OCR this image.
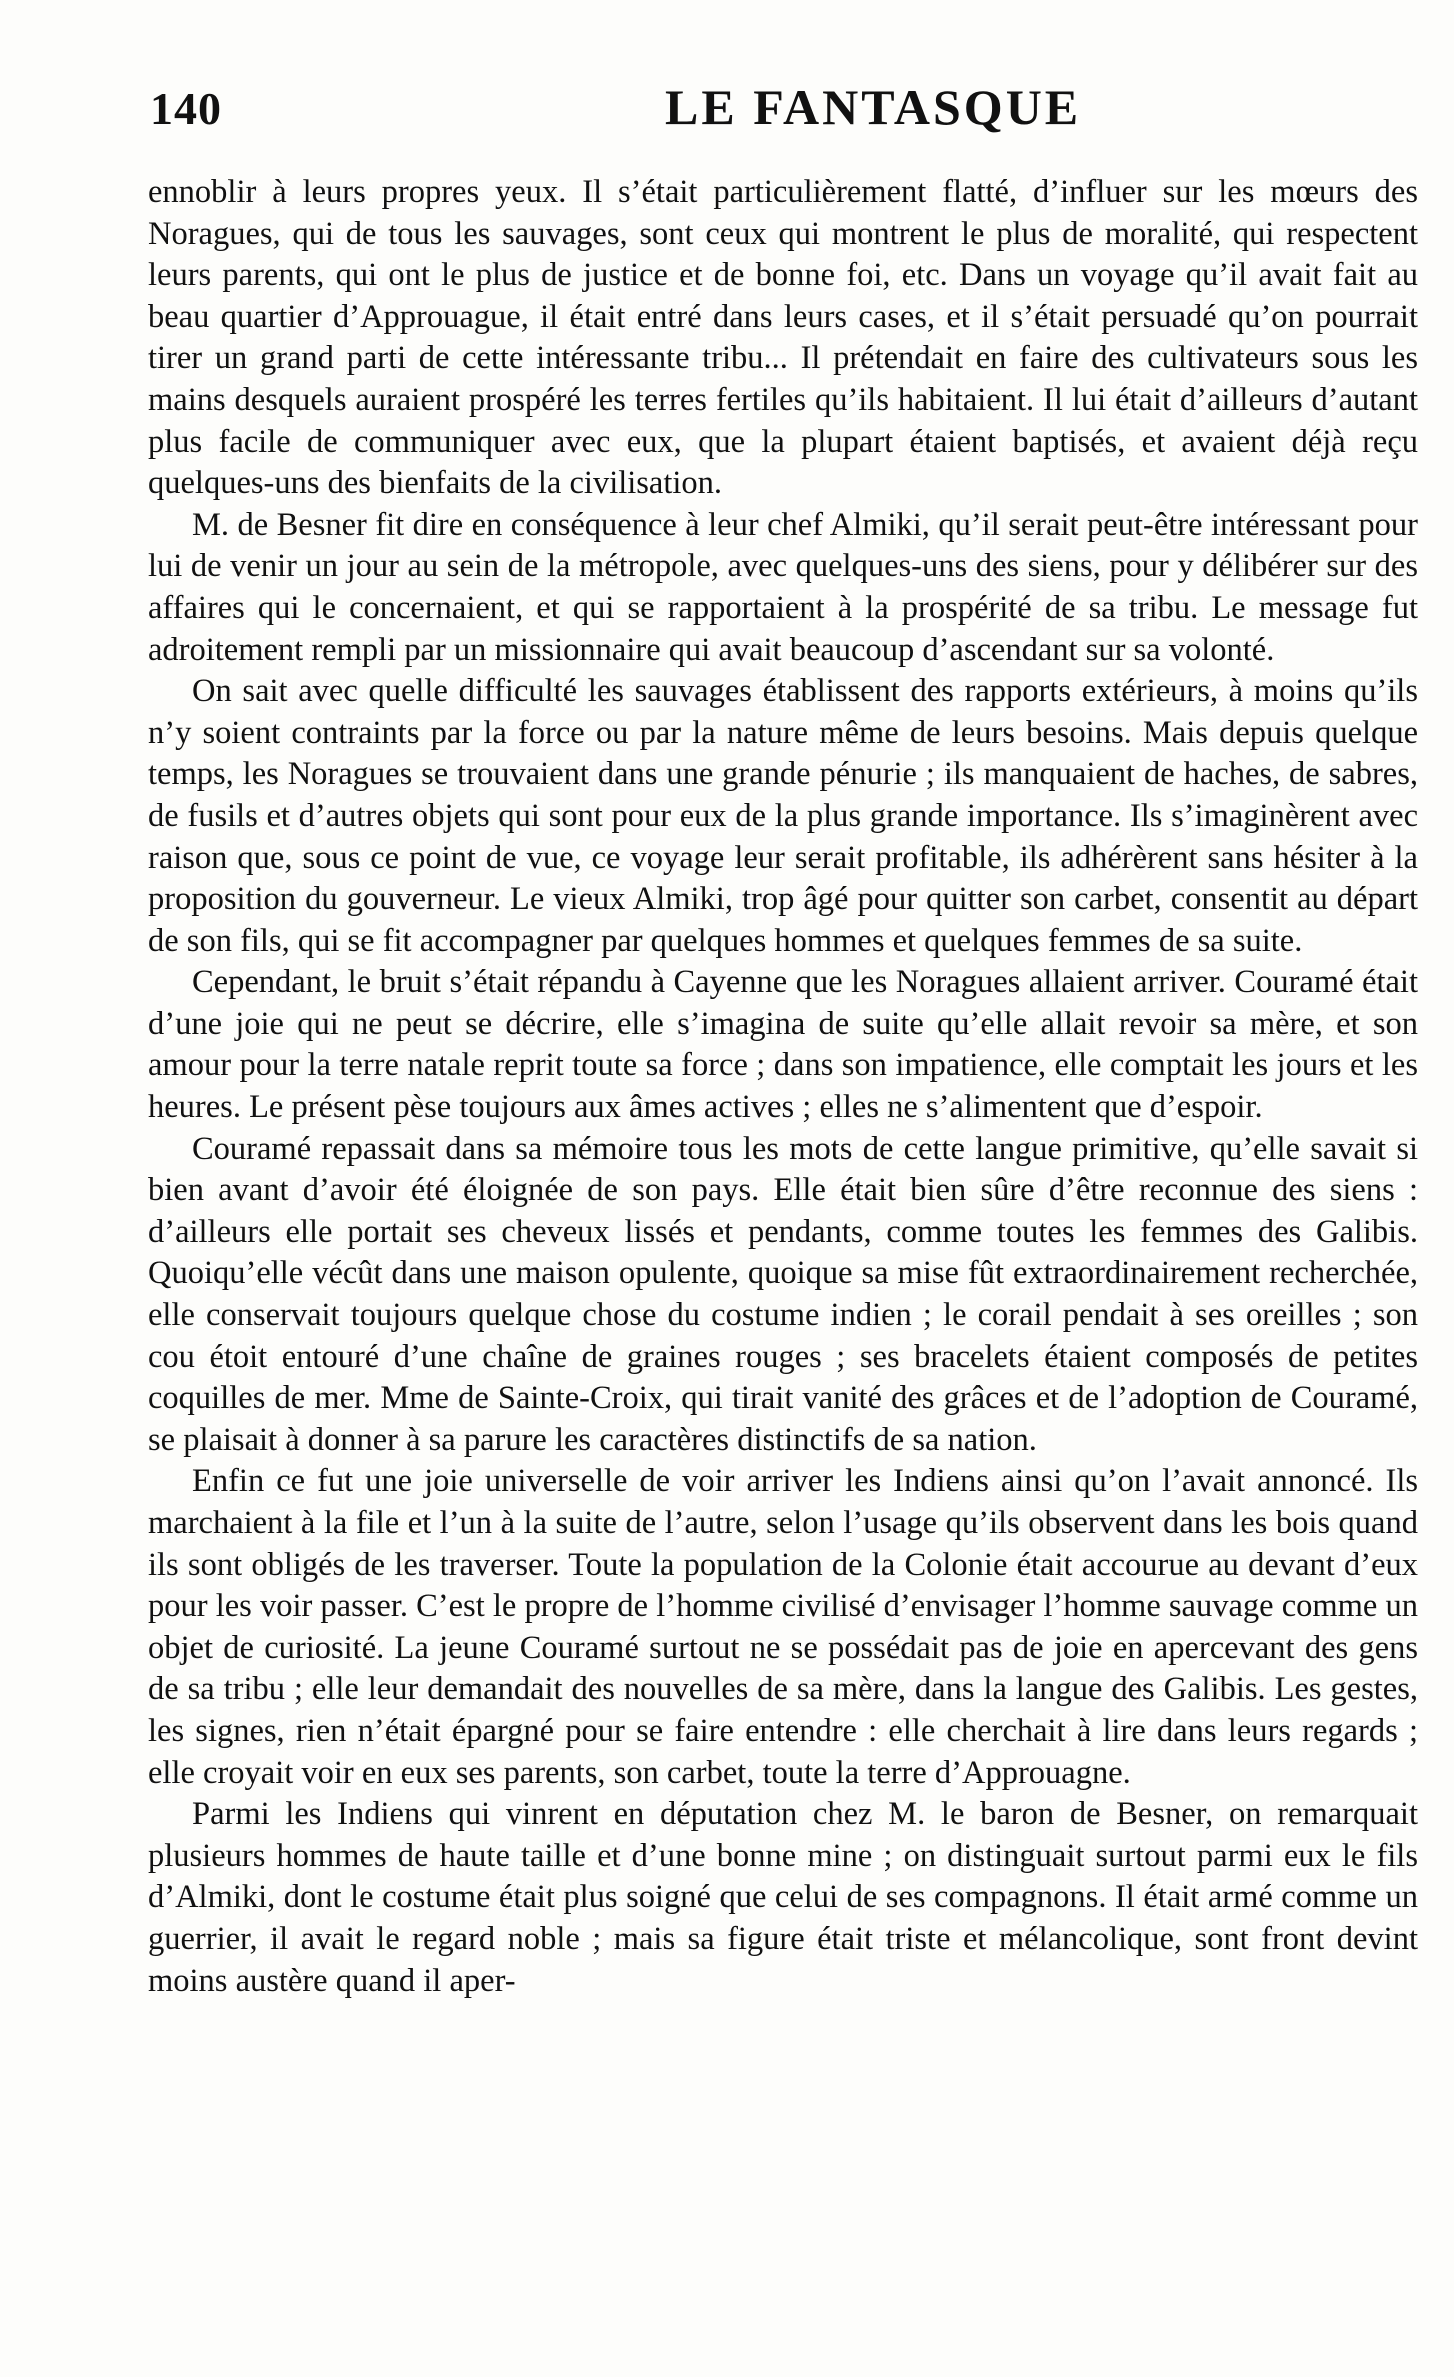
140	LE FANTASQUE

ennoblir à leurs propres yeux. Il s’était particulièrement flatté, d’influer sur les mœurs des Noragues, qui de tous les sauvages, sont ceux qui montrent le plus de moralité, qui respectent leurs parents, qui ont le plus de justice et de bonne foi, etc. Dans un voyage qu’il avait fait au beau quartier d’Approuague, il était entré dans leurs cases, et il s’était persuadé qu’on pourrait tirer un grand parti de cette intéressante tribu... Il prétendait en faire des cultivateurs sous les mains desquels auraient prospéré les terres fertiles qu’ils habitaient. Il lui était d’ailleurs d’autant plus facile de communiquer avec eux, que la plupart étaient baptisés, et avaient déjà reçu quelques-uns des bienfaits de la civilisation.

M. de Besner fit dire en conséquence à leur chef Almiki, qu’il serait peut-être intéressant pour lui de venir un jour au sein de la métropole, avec quelques-uns des siens, pour y délibérer sur des affaires qui le concernaient, et qui se rapportaient à la prospérité de sa tribu. Le message fut adroitement rempli par un missionnaire qui avait beaucoup d’ascendant sur sa volonté.

On sait avec quelle difficulté les sauvages établissent des rapports extérieurs, à moins qu’ils n’y soient contraints par la force ou par la nature même de leurs besoins. Mais depuis quelque temps, les Noragues se trouvaient dans une grande pénurie ; ils manquaient de haches, de sabres, de fusils et d’autres objets qui sont pour eux de la plus grande importance. Ils s’imaginèrent avec raison que, sous ce point de vue, ce voyage leur serait profitable, ils adhérèrent sans hésiter à la proposition du gouverneur. Le vieux Almiki, trop âgé pour quitter son carbet, consentit au départ de son fils, qui se fit accompagner par quelques hommes et quelques femmes de sa suite.

Cependant, le bruit s’était répandu à Cayenne que les Noragues allaient arriver. Couramé était d’une joie qui ne peut se décrire, elle s’imagina de suite qu’elle allait revoir sa mère, et son amour pour la terre natale reprit toute sa force ; dans son impatience, elle comptait les jours et les heures. Le présent pèse toujours aux âmes actives ; elles ne s’alimentent que d’espoir.

Couramé repassait dans sa mémoire tous les mots de cette langue primitive, qu’elle savait si bien avant d’avoir été éloignée de son pays. Elle était bien sûre d’être reconnue des siens : d’ailleurs elle portait ses cheveux lissés et pendants, comme toutes les femmes des Galibis. Quoiqu’elle vécût dans une maison opulente, quoique sa mise fût extraordinairement recherchée, elle conservait toujours quelque chose du costume indien ; le corail pendait à ses oreilles ; son cou étoit entouré d’une chaîne de graines rouges ; ses bracelets étaient composés de petites coquilles de mer. Mme de Sainte-Croix, qui tirait vanité des grâces et de l’adoption de Couramé, se plaisait à donner à sa parure les caractères distinctifs de sa nation.

Enfin ce fut une joie universelle de voir arriver les Indiens ainsi qu’on l’avait annoncé. Ils marchaient à la file et l’un à la suite de l’autre, selon l’usage qu’ils observent dans les bois quand ils sont obligés de les traverser. Toute la population de la Colonie était accourue au devant d’eux pour les voir passer. C’est le propre de l’homme civilisé d’envisager l’homme sauvage comme un objet de curiosité. La jeune Couramé surtout ne se possédait pas de joie en apercevant des gens de sa tribu ; elle leur demandait des nouvelles de sa mère, dans la langue des Galibis. Les gestes, les signes, rien n’était épargné pour se faire entendre : elle cherchait à lire dans leurs regards ; elle croyait voir en eux ses parents, son carbet, toute la terre d’Approuagne.

Parmi les Indiens qui vinrent en députation chez M. le baron de Besner, on remarquait plusieurs hommes de haute taille et d’une bonne mine ; on distinguait surtout parmi eux le fils d’Almiki, dont le costume était plus soigné que celui de ses compagnons. Il était armé comme un guerrier, il avait le regard noble ; mais sa figure était triste et mélancolique, sont front devint moins austère quand il aper-
